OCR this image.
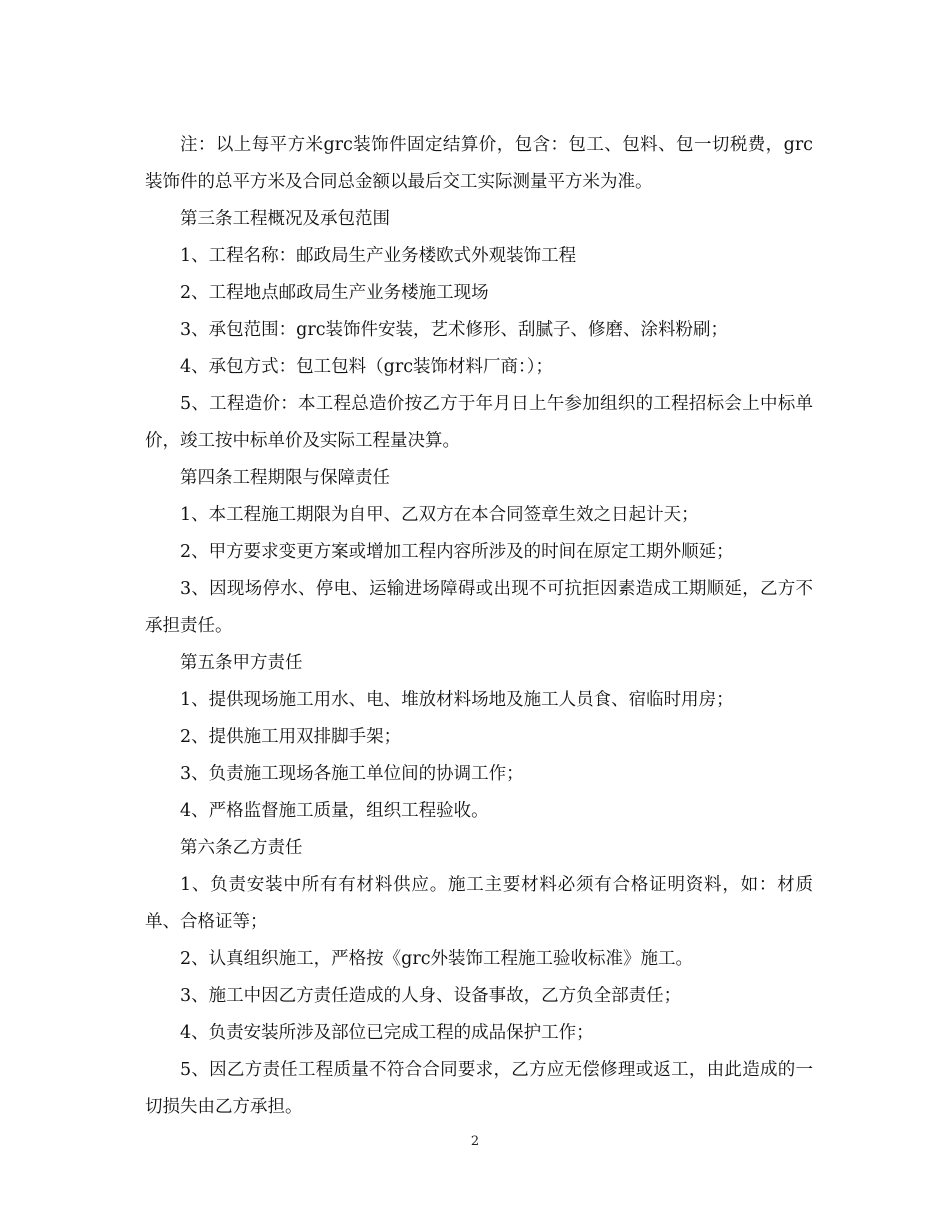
注：以上每平方米grc装饰件固定结算价，包含：包工、包料、包一切税费，grc装饰件的总平方米及合同总金额以最后交工实际测量平方米为准。

第三条工程概况及承包范围

1、工程名称：邮政局生产业务楼欧式外观装饰工程

2、工程地点邮政局生产业务楼施工现场

3、承包范围：grc装饰件安装，艺术修形、刮腻子、修磨、涂料粉刷；

4、承包方式：包工包料（grc装饰材料厂商：）；

5、工程造价：本工程总造价按乙方于年月日上午参加组织的工程招标会上中标单价，竣工按中标单价及实际工程量决算。

第四条工程期限与保障责任

1、本工程施工期限为自甲、乙双方在本合同签章生效之日起计天；

2、甲方要求变更方案或增加工程内容所涉及的时间在原定工期外顺延；

3、因现场停水、停电、运输进场障碍或出现不可抗拒因素造成工期顺延，乙方不承担责任。

第五条甲方责任

1、提供现场施工用水、电、堆放材料场地及施工人员食、宿临时用房；

2、提供施工用双排脚手架；

3、负责施工现场各施工单位间的协调工作；

4、严格监督施工质量，组织工程验收。

第六条乙方责任

1、负责安装中所有有材料供应。施工主要材料必须有合格证明资料，如：材质单、合格证等；

2、认真组织施工，严格按《grc外装饰工程施工验收标准》施工。

3、施工中因乙方责任造成的人身、设备事故，乙方负全部责任；

4、负责安装所涉及部位已完成工程的成品保护工作；

5、因乙方责任工程质量不符合合同要求，乙方应无偿修理或返工，由此造成的一切损失由乙方承担。

2
